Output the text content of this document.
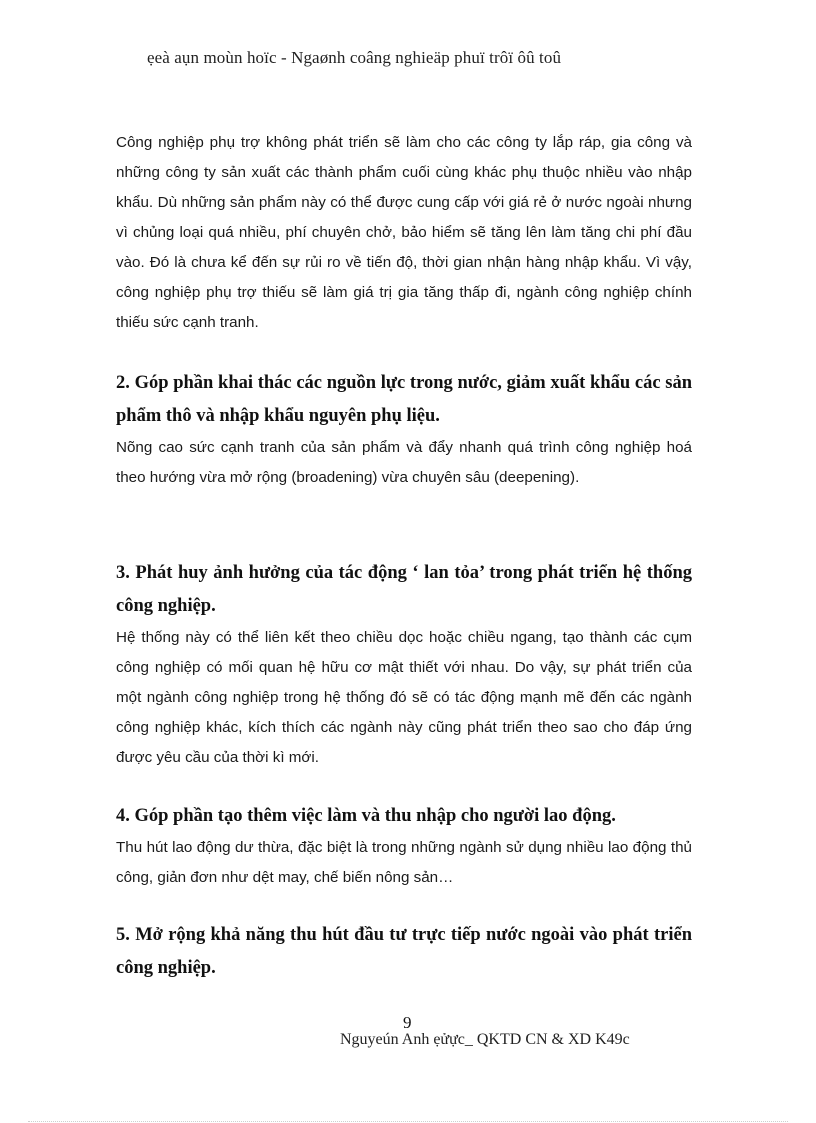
ẹeà aụn moùn hoïc - Ngaønh coâng nghieäp phuï trôï ôû toû

Công nghiệp phụ trợ không phát triển sẽ làm cho các công ty lắp ráp, gia công và những công ty sản xuất các thành phẩm cuối cùng khác phụ thuộc nhiều vào nhập khẩu. Dù những sản phẩm này có thể được cung cấp với giá rẻ ở nước ngoài nhưng vì chủng loại quá nhiều, phí chuyên chở, bảo hiểm sẽ tăng lên làm tăng chi phí đầu vào. Đó là chưa kể đến sự rủi ro về tiến độ, thời gian nhận hàng nhập khẩu. Vì vậy, công nghiệp phụ trợ thiếu sẽ làm giá trị gia tăng thấp đi, ngành công nghiệp chính thiếu sức cạnh tranh.

2. Góp phần khai thác các nguồn lực trong nước, giảm xuất khẩu các sản phẩm thô và nhập khẩu nguyên phụ liệu.

Nõng cao sức cạnh tranh của sản phẩm và đẩy nhanh quá trình công nghiệp hoá theo hướng vừa mở rộng (broadening) vừa chuyên sâu (deepening).

3. Phát huy ảnh hưởng của tác động ‘ lan tỏa’ trong phát triển hệ thống công nghiệp.

Hệ thống này có thể liên kết theo chiều dọc hoặc chiều ngang, tạo thành các cụm công nghiệp có mối quan hệ hữu cơ mật thiết với nhau. Do vậy, sự phát triển của một ngành công nghiệp trong hệ thống đó sẽ có tác động mạnh mẽ đến các ngành công nghiệp khác, kích thích các ngành này cũng phát triển theo sao cho đáp ứng được yêu cầu của thời kì mới.

4. Góp phần tạo thêm việc làm và thu nhập cho người lao động.

Thu hút lao động dư thừa, đặc biệt là trong những ngành sử dụng nhiều lao động thủ công, giản đơn như dệt may, chế biến nông sản…

5. Mở rộng khả năng thu hút đầu tư trực tiếp nước ngoài vào phát triển công nghiệp.

9
Nguyeún Anh ẹửực_ QKTD CN & XD K49c
